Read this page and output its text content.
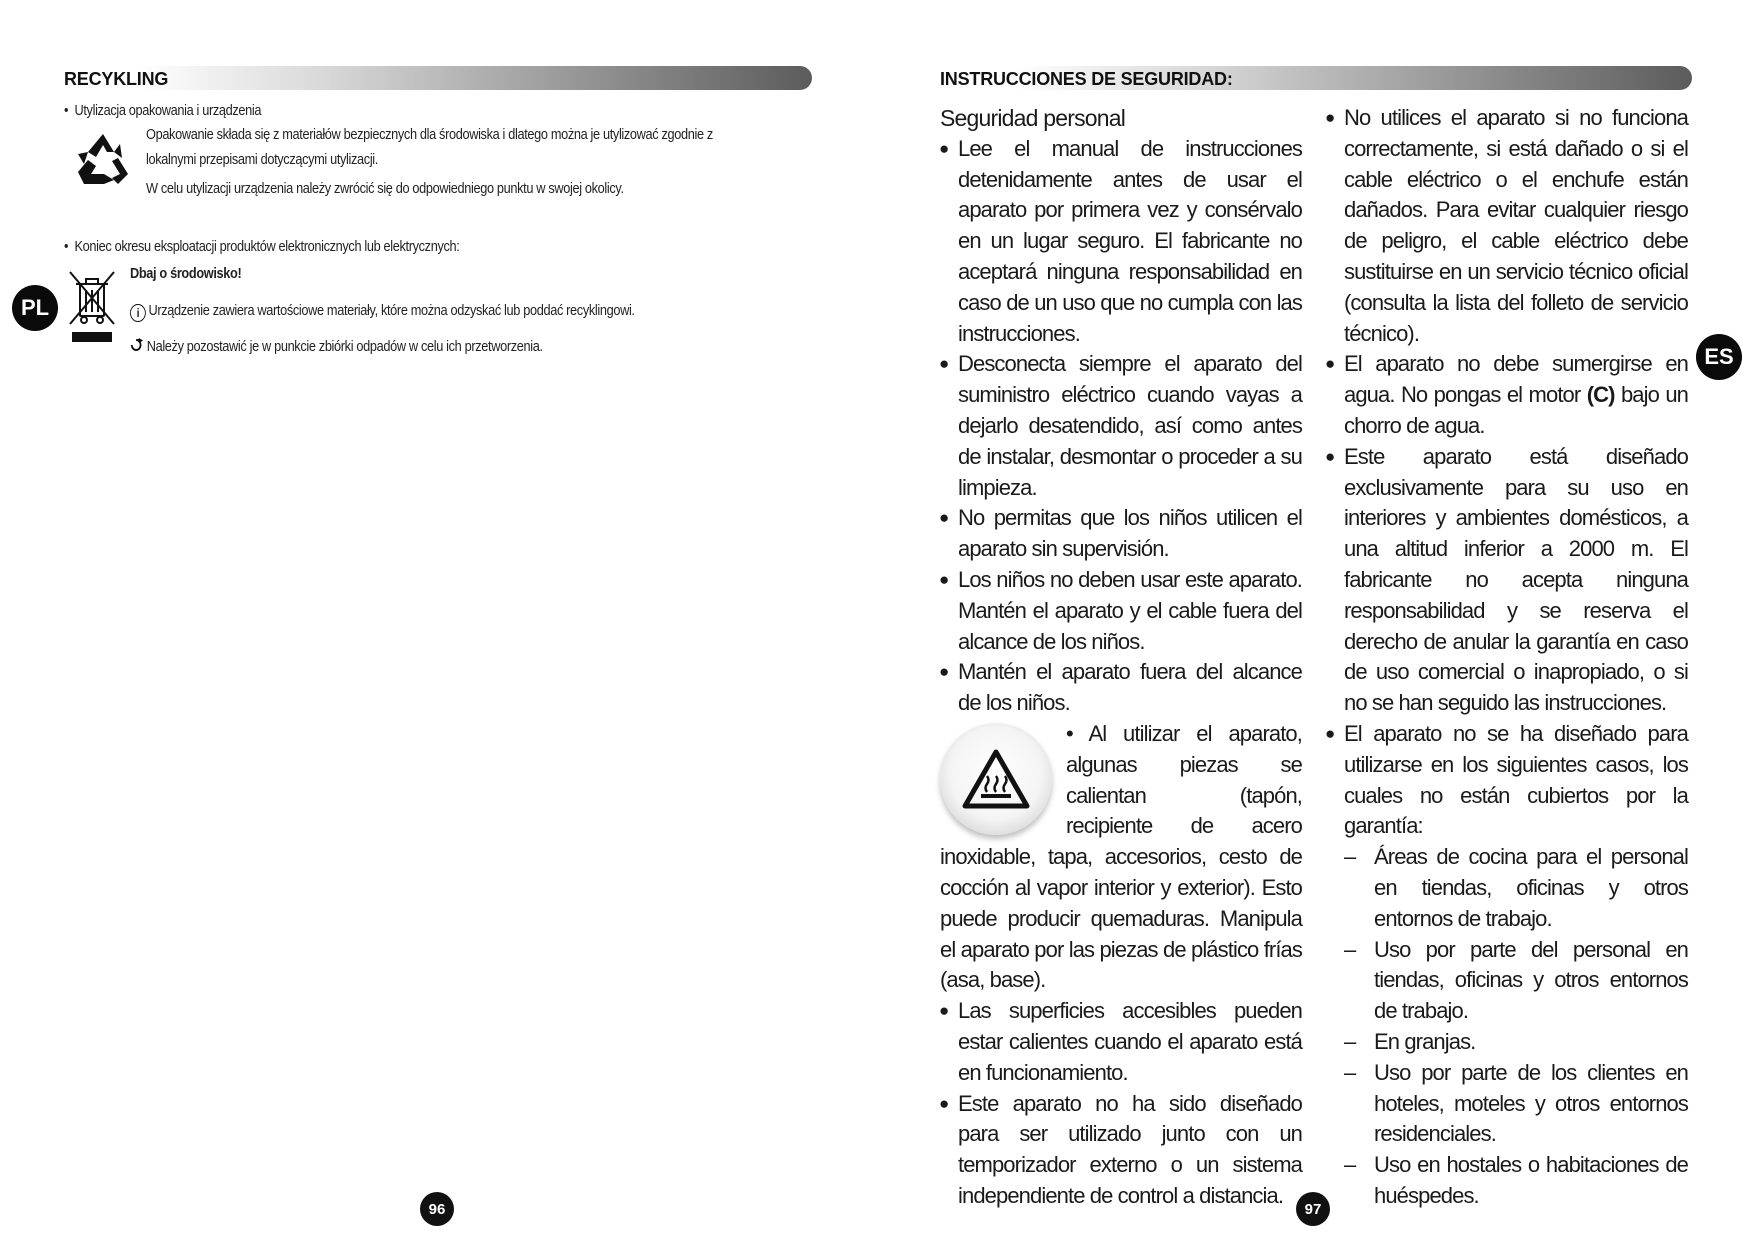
RECYKLING
•  Utylizacja opakowania i urządzenia
Opakowanie składa się z materiałów bezpiecznych dla środowiska i dlatego można je utylizować zgodnie z
lokalnymi przepisami dotyczącymi utylizacji.
W celu utylizacji urządzenia należy zwrócić się do odpowiedniego punktu w swojej okolicy.
•  Koniec okresu eksploatacji produktów elektronicznych lub elektrycznych:
PL
Dbaj o środowisko!
i Urządzenie zawiera wartościowe materiały, które można odzyskać lub poddać recyklingowi.
Należy pozostawić je w punkcie zbiórki odpadów w celu ich przetworzenia.
96
INSTRUCCIONES DE SEGURIDAD:
ES
Seguridad personal
● Lee el manual de instrucciones detenidamente antes de usar el aparato por primera vez y consérvalo en un lugar seguro. El fabricante no aceptará ninguna responsabilidad en caso de un uso que no cumpla con las instrucciones.
● Desconecta siempre el aparato del suministro eléctrico cuando vayas a dejarlo desatendido, así como antes de instalar, desmontar o proceder a su limpieza.
● No permitas que los niños utilicen el aparato sin supervisión.
● Los niños no deben usar este aparato. Mantén el aparato y el cable fuera del alcance de los niños.
● Mantén el aparato fuera del alcance de los niños.
• Al utilizar el aparato, algunas piezas se calientan (tapón, recipiente de acero inoxidable, tapa, accesorios, cesto de cocción al vapor interior y exterior). Esto puede producir quemaduras. Manipula el aparato por las piezas de plástico frías (asa, base).
● Las superficies accesibles pueden estar calientes cuando el aparato está en funcionamiento.
● Este aparato no ha sido diseñado para ser utilizado junto con un temporizador externo o un sistema independiente de control a distancia.
● No utilices el aparato si no funciona correctamente, si está dañado o si el cable eléctrico o el enchufe están dañados. Para evitar cualquier riesgo de peligro, el cable eléctrico debe sustituirse en un servicio técnico oficial (consulta la lista del folleto de servicio técnico).
● El aparato no debe sumergirse en agua. No pongas el motor (C) bajo un chorro de agua.
● Este aparato está diseñado exclusivamente para su uso en interiores y ambientes domésticos, a una altitud inferior a 2000 m. El fabricante no acepta ninguna responsabilidad y se reserva el derecho de anular la garantía en caso de uso comercial o inapropiado, o si no se han seguido las instrucciones.
● El aparato no se ha diseñado para utilizarse en los siguientes casos, los cuales no están cubiertos por la garantía:
– Áreas de cocina para el personal en tiendas, oficinas y otros entornos de trabajo.
– Uso por parte del personal en tiendas, oficinas y otros entornos de trabajo.
– En granjas.
– Uso por parte de los clientes en hoteles, moteles y otros entornos residenciales.
– Uso en hostales o habitaciones de huéspedes.
97
